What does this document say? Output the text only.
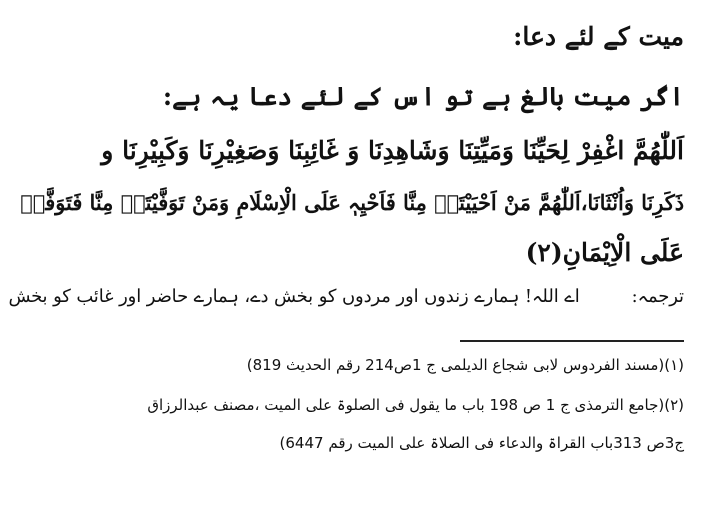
میت کے لئے دعا:
اگر میت بالغ ہے تو اس کے لئے دعا یہ ہے:
اَللّٰھُمَّ اغْفِرْ لِحَیِّنَا وَمَیِّتِنَا وَشَاھِدِنَا وَ غَائِبِنَا وَصَغِیْرِنَا وَکَبِیْرِنَا و
ذَکَرِنَا وَاُنْثَانَا،اَللّٰھُمَّ مَنْ اَحْیَیْتَہٗ مِنَّا فَاَحْیِہٖ عَلَی الْاِسْلَامِ وَمَنْ تَوَفَّیْتَہٗ مِنَّا فَتَوَفَّہٗ
عَلَی الْاِیْمَانِ(۲)
ترجمہ:اے اللہ! ہمارے زندوں اور مردوں کو بخش دے، ہمارے حاضر اور غائب کو بخش
(۱)(مسند الفردوس لابی شجاع الدیلمی ج 1ص214 رقم الحدیث 819)
(۲)(جامع الترمذی ج 1 ص 198 باب ما یقول فی الصلوۃ علی المیت ،مصنف عبدالرزاق
ج3ص 313باب القراۃ والدعاء فی الصلاۃ علی المیت رقم 6447)
